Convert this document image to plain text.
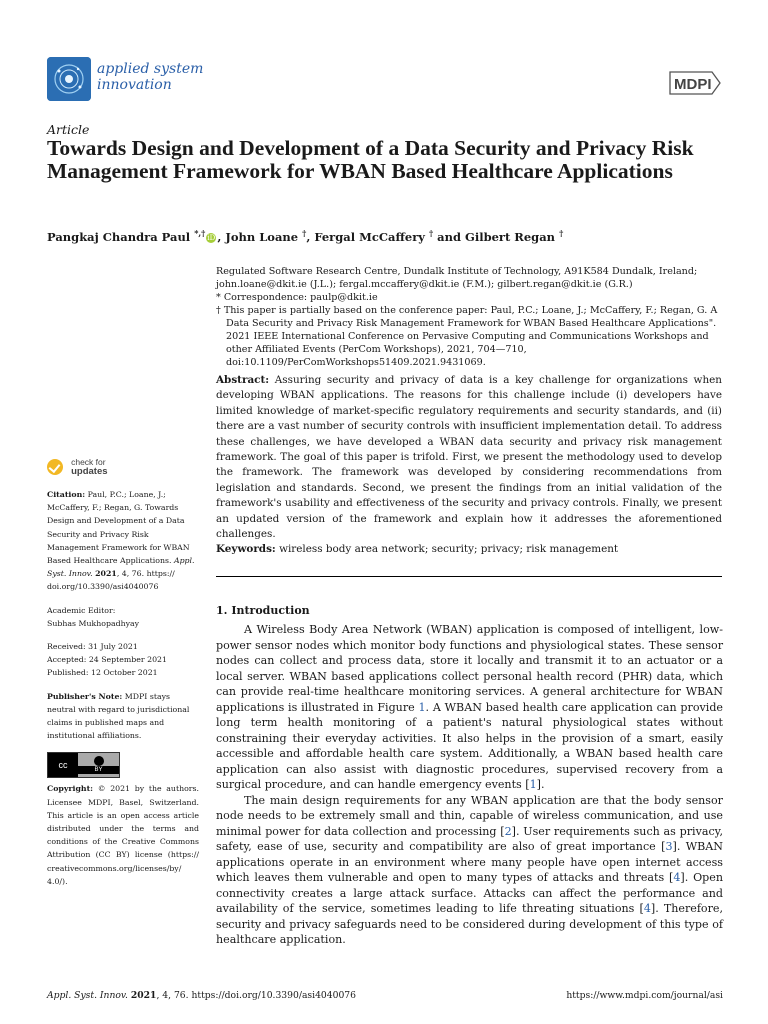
applied system
innovation	MDPI
Article
Towards Design and Development of a Data Security and Privacy Risk Management Framework for WBAN Based Healthcare Applications
Pangkaj Chandra Paul *,† iD , John Loane †, Fergal McCaffery † and Gilbert Regan †
Regulated Software Research Centre, Dundalk Institute of Technology, A91K584 Dundalk, Ireland;
john.loane@dkit.ie (J.L.); fergal.mccaffery@dkit.ie (F.M.); gilbert.regan@dkit.ie (G.R.)
* Correspondence: paulp@dkit.ie
† This paper is partially based on the conference paper: Paul, P.C.; Loane, J.; McCaffery, F.; Regan, G. A Data Security and Privacy Risk Management Framework for WBAN Based Healthcare Applications". 2021 IEEE International Conference on Pervasive Computing and Communications Workshops and other Affiliated Events (PerCom Workshops), 2021, 704—710, doi:10.1109/PerComWorkshops51409.2021.9431069.
Abstract: Assuring security and privacy of data is a key challenge for organizations when developing WBAN applications. The reasons for this challenge include (i) developers have limited knowledge of market-specific regulatory requirements and security standards, and (ii) there are a vast number of security controls with insufficient implementation detail. To address these challenges, we have developed a WBAN data security and privacy risk management framework. The goal of this paper is trifold. First, we present the methodology used to develop the framework. The framework was developed by considering recommendations from legislation and standards. Second, we present the findings from an initial validation of the framework's usability and effectiveness of the security and privacy controls. Finally, we present an updated version of the framework and explain how it addresses the aforementioned challenges.
Keywords: wireless body area network; security; privacy; risk management
check for
updates

Citation: Paul, P.C.; Loane, J.; McCaffery, F.; Regan, G. Towards Design and Development of a Data Security and Privacy Risk Management Framework for WBAN Based Healthcare Applications. Appl. Syst. Innov. 2021, 4, 76. https:// doi.org/10.3390/asi4040076

Academic Editor:
Subhas Mukhopadhyay

Received: 31 July 2021
Accepted: 24 September 2021
Published: 12 October 2021

Publisher's Note: MDPI stays neutral with regard to jurisdictional claims in published maps and institutional affiliations.

cc
BY

Copyright: © 2021 by the authors. Licensee MDPI, Basel, Switzerland. This article is an open access article distributed under the terms and conditions of the Creative Commons Attribution (CC BY) license (https:// creativecommons.org/licenses/by/ 4.0/).

1. Introduction

A Wireless Body Area Network (WBAN) application is composed of intelligent, low-power sensor nodes which monitor body functions and physiological states. These sensor nodes can collect and process data, store it locally and transmit it to an actuator or a local server. WBAN based applications collect personal health record (PHR) data, which can provide real-time healthcare monitoring services. A general architecture for WBAN applications is illustrated in Figure 1. A WBAN based health care application can provide long term health monitoring of a patient's natural physiological states without constraining their everyday activities. It also helps in the provision of a smart, easily accessible and affordable health care system. Additionally, a WBAN based health care application can also assist with diagnostic procedures, supervised recovery from a surgical procedure, and can handle emergency events [1].

The main design requirements for any WBAN application are that the body sensor node needs to be extremely small and thin, capable of wireless communication, and use minimal power for data collection and processing [2]. User requirements such as privacy, safety, ease of use, security and compatibility are also of great importance [3]. WBAN applications operate in an environment where many people have open internet access which leaves them vulnerable and open to many types of attacks and threats [4]. Open connectivity creates a large attack surface. Attacks can affect the performance and availability of the service, sometimes leading to life threating situations [4]. Therefore, security and privacy safeguards need to be considered during development of this type of healthcare application.

Appl. Syst. Innov. 2021, 4, 76. https://doi.org/10.3390/asi4040076	https://www.mdpi.com/journal/asi
